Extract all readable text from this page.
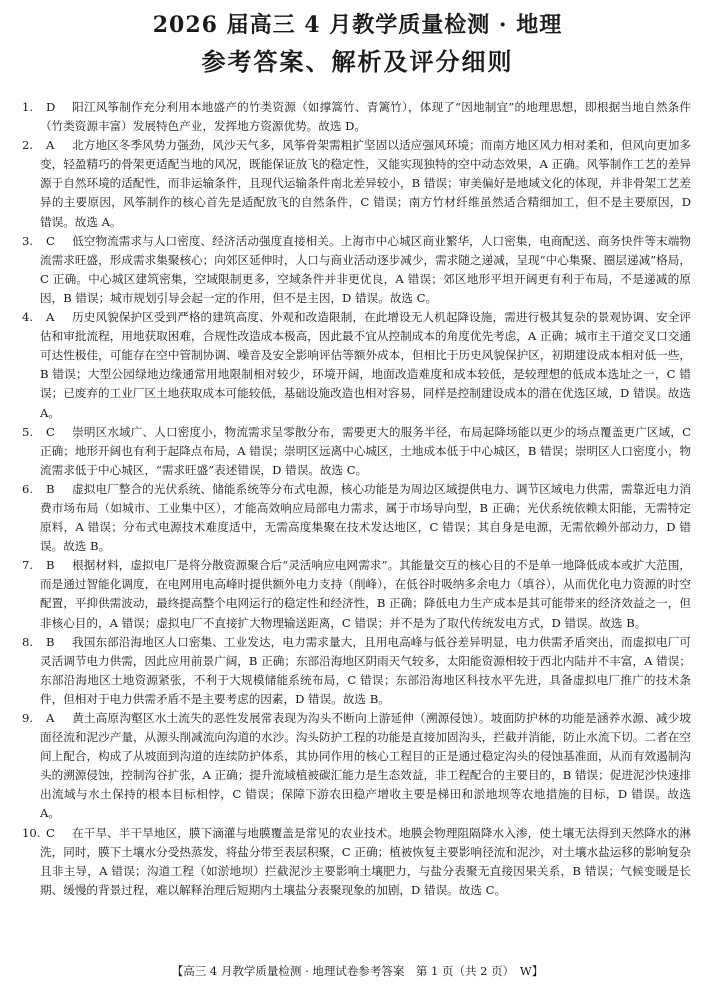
2026 届高三 4 月教学质量检测 · 地理
参考答案、解析及评分细则

1. D 阳江风筝制作充分利用本地盛产的竹类资源（如撑篙竹、青篱竹），体现了“因地制宜”的地理思想，即根据当地自然条件（竹类资源丰富）发展特色产业，发挥地方资源优势。故选 D。

2. A 北方地区冬季风势力强劲，风沙天气多，风筝骨架需粗扩坚固以适应强风环境；而南方地区风力相对柔和，但风向更加多变，轻盈精巧的骨架更适配当地的风况，既能保证放飞的稳定性，又能实现独特的空中动态效果，A 正确。风筝制作工艺的差异源于自然环境的适配性，而非运输条件，且现代运输条件南北差异较小，B 错误；审美偏好是地域文化的体现，并非骨架工艺差异的主要原因，风筝制作的核心首先是适配放飞的自然条件，C 错误；南方竹材纤维虽然适合精细加工，但不是主要原因，D 错误。故选 A。

3. C 低空物流需求与人口密度、经济活动强度直接相关。上海市中心城区商业繁华，人口密集，电商配送、商务快件等末端物流需求旺盛，形成需求集聚核心；向郊区延伸时，人口与商业活动逐步减少，需求随之递减，呈现“中心集聚、圈层递减”格局，C 正确。中心城区建筑密集，空域限制更多，空域条件并非更优良，A 错误；郊区地形平坦开阔更有利于布局，不是递减的原因，B 错误；城市规划引导会起一定的作用，但不是主因，D 错误。故选 C。

4. A 历史风貌保护区受到严格的建筑高度、外观和改造限制，在此增设无人机起降设施，需进行极其复杂的景观协调、安全评估和审批流程，用地获取困难，合规性改造成本极高，因此最不宜从控制成本的角度优先考虑，A 正确；城市主干道交叉口交通可达性极佳，可能存在空中管制协调、噪音及安全影响评估等额外成本，但相比于历史风貌保护区，初期建设成本相对低一些，B 错误；大型公园绿地边缘通常用地限制相对较少，环境开阔，地面改造难度和成本较低，是较理想的低成本选址之一，C 错误；已废弃的工业厂区土地获取成本可能较低，基础设施改造也相对容易，同样是控制建设成本的潜在优选区域，D 错误。故选 A。

5. C 崇明区水域广、人口密度小，物流需求呈零散分布，需要更大的服务半径，布局起降场能以更少的场点覆盖更广区域，C 正确；地形开阔也有利于起降点布局，A 错误；崇明区远离中心城区，土地成本低于中心城区，B 错误；崇明区人口密度小，物流需求低于中心城区，“需求旺盛”表述错误，D 错误。故选 C。

6. B 虚拟电厂整合的光伏系统、储能系统等分布式电源，核心功能是为周边区域提供电力、调节区域电力供需，需靠近电力消费市场布局（如城市、工业集中区），才能高效响应局部电力需求，属于市场导向型，B 正确；光伏系统依赖太阳能，无需特定原料，A 错误；分布式电源技术难度适中，无需高度集聚在技术发达地区，C 错误；其自身是电源，无需依赖外部动力，D 错误。故选 B。

7. B 根据材料，虚拟电厂是将分散资源聚合后“灵活响应电网需求”。其能量交互的核心目的不是单一地降低成本或扩大范围，而是通过智能化调度，在电网用电高峰时提供额外电力支持（削峰），在低谷时吸纳多余电力（填谷），从而优化电力资源的时空配置，平抑供需波动，最终提高整个电网运行的稳定性和经济性，B 正确；降低电力生产成本是其可能带来的经济效益之一，但非核心目的，A 错误；虚拟电厂不直接扩大物理输送距离，C 错误；并不是为了取代传统发电方式，D 错误。故选 B。

8. B 我国东部沿海地区人口密集、工业发达，电力需求量大，且用电高峰与低谷差异明显，电力供需矛盾突出，而虚拟电厂可灵活调节电力供需，因此应用前景广阔，B 正确；东部沿海地区阴雨天气较多，太阳能资源相较于西北内陆并不丰富，A 错误；东部沿海地区土地资源紧张，不利于大规模储能系统布局，C 错误；东部沿海地区科技水平先进，具备虚拟电厂推广的技术条件，但相对于电力供需矛盾不是主要考虑的因素，D 错误。故选 B。

9. A 黄土高原沟壑区水土流失的恶性发展常表现为沟头不断向上游延伸（溯源侵蚀）。坡面防护林的功能是涵养水源、减少坡面径流和泥沙产量，从源头削减流向沟道的水沙。沟头防护工程的功能是直接加固沟头，拦截并消能，防止水流下切。二者在空间上配合，构成了从坡面到沟道的连续防护体系，其协同作用的核心工程目的正是通过稳定沟头的侵蚀基准面，从而有效遏制沟头的溯源侵蚀，控制沟谷扩张，A 正确；提升流域植被碳汇能力是生态效益，非工程配合的主要目的，B 错误；促进泥沙快速排出流域与水土保持的根本目标相悖，C 错误；保障下游农田稳产增收主要是梯田和淤地坝等农地措施的目标，D 错误。故选 A。

10. C 在干旱、半干旱地区，膜下滴灌与地膜覆盖是常见的农业技术。地膜会物理阻隔降水入渗，使土壤无法得到天然降水的淋洗，同时，膜下土壤水分受热蒸发，将盐分带至表层积聚，C 正确；植被恢复主要影响径流和泥沙，对土壤水盐运移的影响复杂且非主导，A 错误；沟道工程（如淤地坝）拦截泥沙主要影响土壤肥力，与盐分表聚无直接因果关系，B 错误；气候变暖是长期、缓慢的背景过程，难以解释治理后短期内土壤盐分表聚现象的加剧，D 错误。故选 C。

【高三 4 月教学质量检测 · 地理试卷参考答案　第 1 页（共 2 页）　W】
